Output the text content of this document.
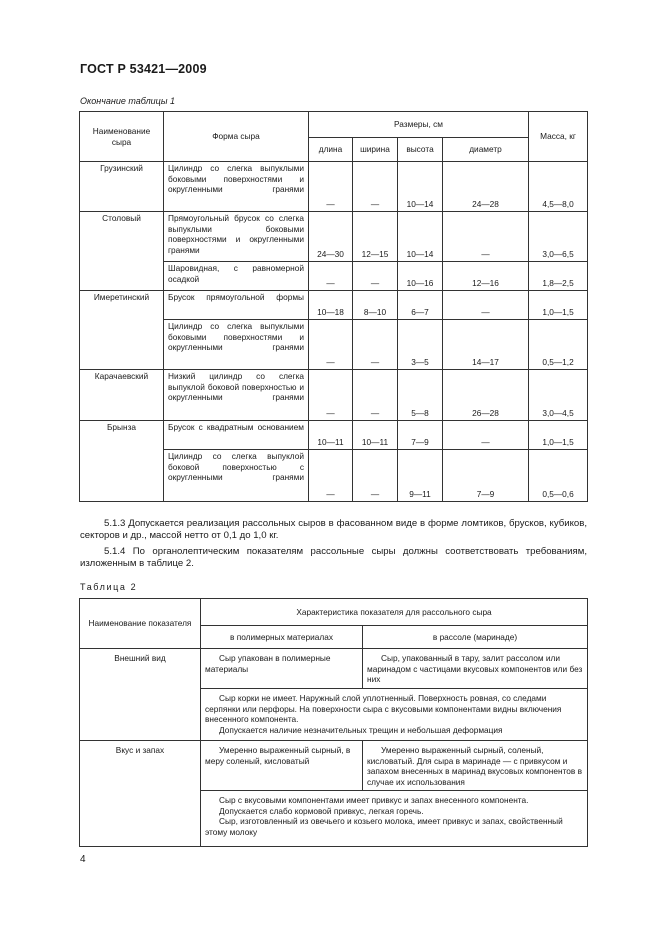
ГОСТ Р 53421—2009
Окончание таблицы 1
Наименование сыра	Форма сыра	Размеры, см				Масса, кг
		длина	ширина	высота	диаметр	
Грузинский	Цилиндр со слегка выпуклыми боковыми поверхностями и округленными гранями	—	—	10—14	24—28	4,5—8,0
Столовый	Прямоугольный брусок со слегка выпуклыми боковыми поверхностями и округленными гранями	24—30	12—15	10—14	—	3,0—6,5
	Шаровидная, с равномерной осадкой	—	—	10—16	12—16	1,8—2,5
Имеретинский	Брусок прямоугольной формы	10—18	8—10	6—7	—	1,0—1,5
	Цилиндр со слегка выпуклыми боковыми поверхностями и округленными гранями	—	—	3—5	14—17	0,5—1,2
Карачаевский	Низкий цилиндр со слегка выпуклой боковой поверхностью и округленными гранями	—	—	5—8	26—28	3,0—4,5
Брынза	Брусок с квадратным основанием	10—11	10—11	7—9	—	1,0—1,5
	Цилиндр со слегка выпуклой боковой поверхностью с округленными гранями	—	—	9—11	7—9	0,5—0,6
5.1.3 Допускается реализация рассольных сыров в фасованном виде в форме ломтиков, брусков, кубиков, секторов и др., массой нетто от 0,1 до 1,0 кг.
5.1.4 По органолептическим показателям рассольные сыры должны соответствовать требованиям, изложенным в таблице 2.
Таблица 2
Наименование показателя	Характеристика показателя для рассольного сыра	
	в полимерных материалах	в рассоле (маринаде)
Внешний вид	Сыр упакован в полимерные материалы	Сыр, упакованный в тару, залит рассолом или маринадом с частицами вкусовых компонентов или без них

	Сыр корки не имеет. Наружный слой уплотненный. Поверхность ровная, со следами серпянки или перфоры. На поверхности сыра с вкусовыми компонентами видны включения внесенного компонента.
Допускается наличие незначительных трещин и небольшая деформация	

Вкус и запах	Умеренно выраженный сырный, в меру соленый, кисловатый	Умеренно выраженный сырный, соленый, кисловатый. Для сыра в маринаде — с привкусом и запахом внесенных в маринад вкусовых компонентов в случае их использования

	Сыр с вкусовыми компонентами имеет привкус и запах внесенного компонента.
Допускается слабо кормовой привкус, легкая горечь.
Сыр, изготовленный из овечьего и козьего молока, имеет привкус и запах, свойственный этому молоку	
4
